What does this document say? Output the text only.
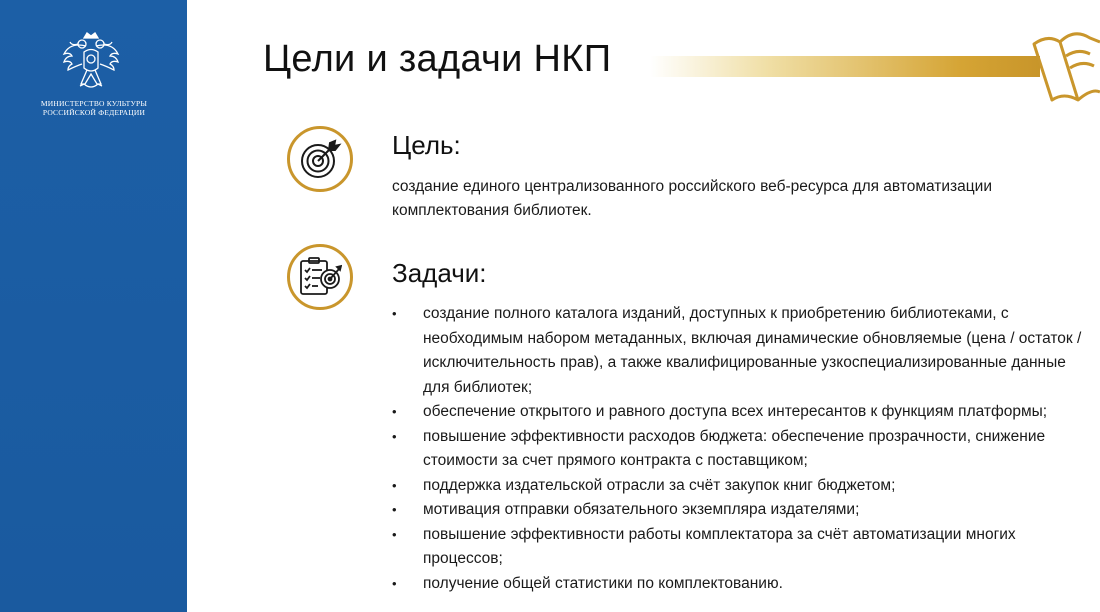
МИНИСТЕРСТВО КУЛЬТУРЫ
РОССИЙСКОЙ ФЕДЕРАЦИИ
Цели и задачи НКП
Цель:

создание единого централизованного российского веб-ресурса для автоматизации комплектования библиотек.

Задачи:
• создание полного каталога изданий, доступных к приобретению библиотеками, с необходимым набором метаданных, включая динамические обновляемые (цена / остаток / исключительность прав), а также квалифицированные узкоспециализированные данные для библиотек;
• обеспечение открытого и равного доступа всех интересантов к функциям платформы;
• повышение эффективности расходов бюджета: обеспечение прозрачности, снижение стоимости за счет прямого контракта с поставщиком;
• поддержка издательской отрасли за счёт закупок книг бюджетом;
• мотивация отправки обязательного экземпляра издателями;
• повышение эффективности работы комплектатора за счёт автоматизации многих процессов;
• получение общей статистики по комплектованию.
